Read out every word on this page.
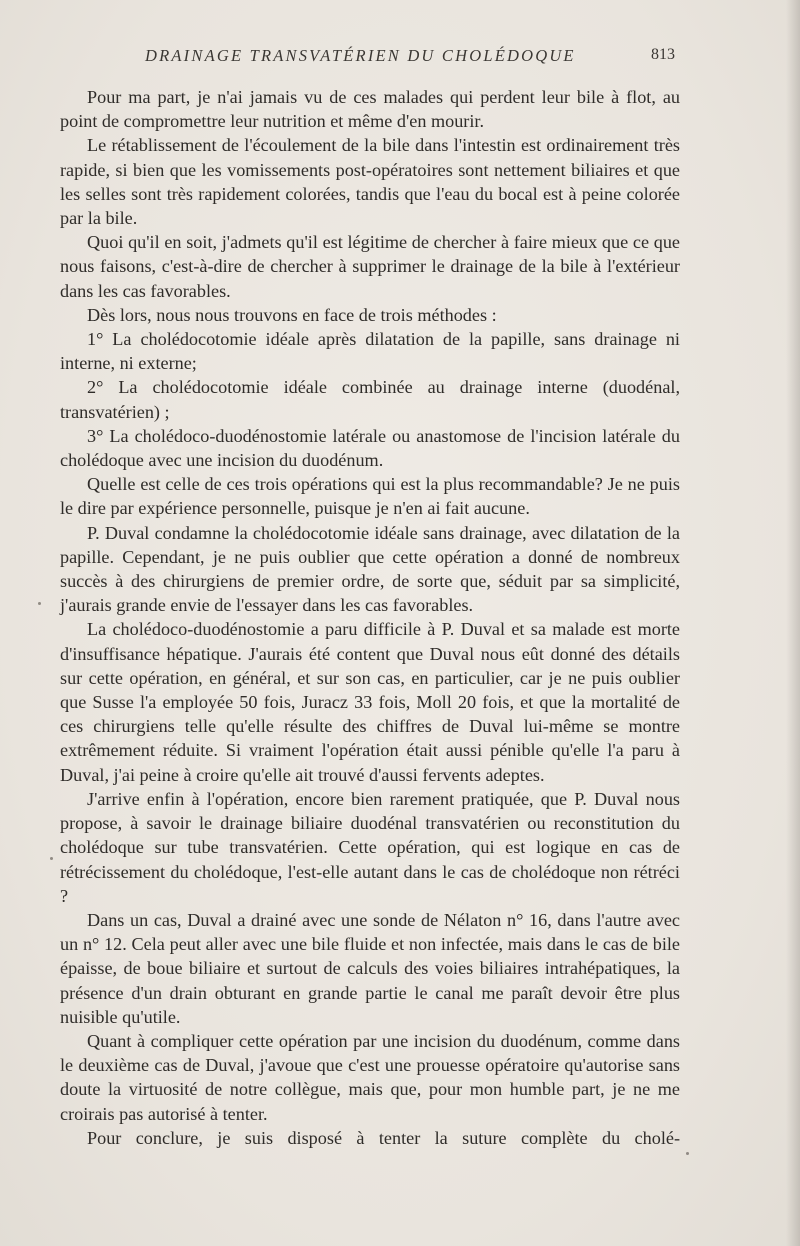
DRAINAGE TRANSVATÉRIEN DU CHOLÉDOQUE	813

Pour ma part, je n'ai jamais vu de ces malades qui perdent leur bile à flot, au point de compromettre leur nutrition et même d'en mourir.

Le rétablissement de l'écoulement de la bile dans l'intestin est ordinairement très rapide, si bien que les vomissements post-opératoires sont nettement biliaires et que les selles sont très rapidement colorées, tandis que l'eau du bocal est à peine colorée par la bile.

Quoi qu'il en soit, j'admets qu'il est légitime de chercher à faire mieux que ce que nous faisons, c'est-à-dire de chercher à supprimer le drainage de la bile à l'extérieur dans les cas favorables.

Dès lors, nous nous trouvons en face de trois méthodes :

1° La cholédocotomie idéale après dilatation de la papille, sans drainage ni interne, ni externe;

2° La cholédocotomie idéale combinée au drainage interne (duodénal, transvatérien) ;

3° La cholédoco-duodénostomie latérale ou anastomose de l'incision latérale du cholédoque avec une incision du duodénum.

Quelle est celle de ces trois opérations qui est la plus recommandable? Je ne puis le dire par expérience personnelle, puisque je n'en ai fait aucune.

P. Duval condamne la cholédocotomie idéale sans drainage, avec dilatation de la papille. Cependant, je ne puis oublier que cette opération a donné de nombreux succès à des chirurgiens de premier ordre, de sorte que, séduit par sa simplicité, j'aurais grande envie de l'essayer dans les cas favorables.

La cholédoco-duodénostomie a paru difficile à P. Duval et sa malade est morte d'insuffisance hépatique. J'aurais été content que Duval nous eût donné des détails sur cette opération, en général, et sur son cas, en particulier, car je ne puis oublier que Susse l'a employée 50 fois, Juracz 33 fois, Moll 20 fois, et que la mortalité de ces chirurgiens telle qu'elle résulte des chiffres de Duval lui-même se montre extrêmement réduite. Si vraiment l'opération était aussi pénible qu'elle l'a paru à Duval, j'ai peine à croire qu'elle ait trouvé d'aussi fervents adeptes.

J'arrive enfin à l'opération, encore bien rarement pratiquée, que P. Duval nous propose, à savoir le drainage biliaire duodénal transvatérien ou reconstitution du cholédoque sur tube transvatérien. Cette opération, qui est logique en cas de rétrécissement du cholédoque, l'est-elle autant dans le cas de cholédoque non rétréci ?

Dans un cas, Duval a drainé avec une sonde de Nélaton n° 16, dans l'autre avec un n° 12. Cela peut aller avec une bile fluide et non infectée, mais dans le cas de bile épaisse, de boue biliaire et surtout de calculs des voies biliaires intrahépatiques, la présence d'un drain obturant en grande partie le canal me paraît devoir être plus nuisible qu'utile.

Quant à compliquer cette opération par une incision du duodénum, comme dans le deuxième cas de Duval, j'avoue que c'est une prouesse opératoire qu'autorise sans doute la virtuosité de notre collègue, mais que, pour mon humble part, je ne me croirais pas autorisé à tenter.

Pour conclure, je suis disposé à tenter la suture complète du cholé-
